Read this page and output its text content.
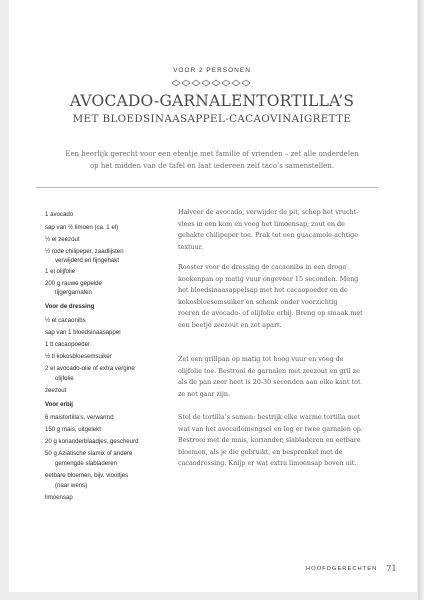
VOOR 2 PERSONEN
AVOCADO-GARNALENTORTILLA’S
MET BLOEDSINAASAPPEL-CACAOVINAIGRETTE
Een heerlijk gerecht voor een etentje met familie of vrienden – zet alle onderdelen
op het midden van de tafel en laat iedereen zelf taco’s samenstellen.
1 avocado
sap van ½ limoen (ca. 1 el)
½ el zeezout
½ rode chilipeper, zaadlijsten
verwijderd en fijngehakt
1 el olijfolie
200 g rauwe gepelde
tijgergarnalen
Voor de dressing
½ el cacaonibs
sap van 1 bloedsinaasappel
1 tl cacaopoeder
½ tl kokosbloesemsuiker
2 el avocado-olie of extra vergine
olijfolie
zeezout
Voor erbij
6 maistortilla’s, verwarmd
150 g mais, uitgelekt
20 g korianderblaadjes, gescheurd
50 g Aziatische slamix of andere
gemengde slabladeren
eetbare bloemen, bijv. viooltjes
(naar wens)
limoensap
Halveer de avocado, verwijder de pit, schep het vrucht-
vlees in een kom en voeg het limoensap, zout en de
gehakte chilipeper toe. Prak tot een guacamole-achtige
textuur.
Rooster voor de dressing de cacaonibs in een droge
koekenpan op matig vuur ongeveer 15 seconden. Meng
het bloedsinaasappelsap met het cacaopoeder en de
kokosbloesemsuiker en schenk onder voorzichtig
roeren de avocado- of olijfolie erbij. Breng op smaak met
een beetje zeezout en zet apart.
Zet een grillpan op matig tot hoog vuur en voeg de
olijfolie toe. Bestrooi de garnalen met zeezout en gril ze
als de pan zeer heet is 20-30 seconden aan elke kant tot
ze net gaar zijn.
Stel de tortilla’s samen: bestrijk elke warme tortilla met
wat van het avocadomengsel en leg er twee garnalen op.
Bestrooi met de mais, koriander, slabladeren en eetbare
bloemen, als je die gebruikt, en besprenkel met de
cacaodressing. Knijp er wat extra limoensap boven uit.
HOOFDGERECHTEN 71
